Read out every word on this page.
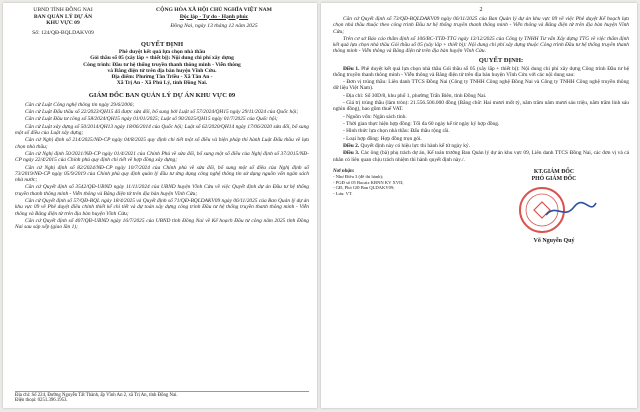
UBND TỈNH ĐỒNG NAI
BAN QUẢN LÝ DỰ ÁN
KHU VỰC 09
Số: 124/QĐ-BQLDAKV09
CỘNG HÒA XÃ HỘI CHỦ NGHĨA VIỆT NAM
Độc lập - Tự do - Hạnh phúc
Đồng Nai, ngày 13 tháng 12 năm 2025
QUYẾT ĐỊNH
Phê duyệt kết quả lựa chọn nhà thầu
Gói thầu số 05 (xây lắp + thiết bị): Nội dung chi phí xây dựng
Công trình: Đầu tư hệ thống truyền thanh thông minh - Viễn thông
và Băng điện tử trên địa bàn huyện Vĩnh Cửu.
Địa điểm: Phường Tân Triều - Xã Tân An -
Xã Trị An - Xã Phú Lý, tỉnh Đồng Nai.
GIÁM ĐỐC BAN QUẢN LÝ DỰ ÁN KHU VỰC 09

Căn cứ Luật Công nghệ thông tin ngày 29/6/2006;

Căn cứ Luật Đấu thầu số 22/2023/QH15 đã được sửa đổi, bổ sung bởi Luật số 57/2024/QH15 ngày 29/11/2024 của Quốc hội;

Căn cứ Luật Đầu tư công số 58/2024/QH15 ngày 01/01/2025; Luật số 90/2025/QH15 ngày 01/7/2025 của Quốc hội;

Căn cứ Luật xây dựng số 50/2014/QH13 ngày 18/06/2014 của Quốc hội; Luật số 62/2020/QH14 ngày 17/06/2020 sửa đổi, bổ sung một số điều của Luật xây dựng;

Căn cứ Nghị định số 214/2025/NĐ-CP ngày 04/8/2025 quy định chi tiết một số điều và biện pháp thi hành Luật Đấu thầu về lựa chọn nhà thầu;

Căn cứ Nghị định 50/2021/NĐ-CP ngày 01/4/2021 của Chính Phủ về sửa đổi, bổ sung một số điều của Nghị định số 37/2015/NĐ-CP ngày 22/4/2015 của Chính phủ quy định chi tiết về hợp đồng xây dựng;

Căn cứ Nghị định số 82/2024/NĐ-CP ngày 10/7/2024 của Chính phủ về sửa đổi, bổ sung một số điều của Nghị định số 73/2019/NĐ-CP ngày 05/9/2019 của Chính phủ quy định quản lý đầu tư ứng dụng công nghệ thông tin sử dụng nguồn vốn ngân sách nhà nước;

Căn cứ Quyết định số 3542/QĐ-UBND ngày 11/11/2024 của UBND huyện Vĩnh Cửu về việc Quyết định dự án Đầu tư hệ thống truyền thanh thông minh - Viễn thông và Băng điện tử trên địa bàn huyện Vĩnh Cửu;

Căn cứ Quyết định số 57/QĐ-BQL ngày 18/4/2025 và Quyết định số 71/QĐ-BQLDAKV09 ngày 06/11/2025 của Ban Quản lý dự án khu vực 09 về Phê duyệt điều chỉnh thiết kế chi tiết và dự toán xây dựng công trình Đầu tư hệ thống truyền thanh thông minh - Viễn thông và Băng điện tử trên địa bàn huyện Vĩnh Cửu;

Căn cứ Quyết định số 407/QĐ-UBND ngày 16/7/2025 của UBND tỉnh Đồng Nai về Kế hoạch Đầu tư công năm 2025 tỉnh Đồng Nai sau sáp xếp (giao lần 1);

Địa chỉ: Số 224, Đường Nguyễn Tất Thành, ấp Vĩnh An 2, xã Trị An, tỉnh Đồng Nai.
Điện thoại: 0251.396.1953.
2

Căn cứ Quyết định số 73/QĐ-BQLDAKV09 ngày 06/11/2025 của Ban Quản lý dự án khu vực 09 về việc Phê duyệt Kế hoạch lựa chọn nhà thầu thuộc theo công trình Đầu tư hệ thống truyền thanh thông minh - Viễn thông và Băng điện tử trên địa bàn huyện Vĩnh Cửu;

Trên cơ sở Báo cáo thẩm định số 106/BC-TTĐ-TTG ngày 13/12/2025 của Công ty TNHH Tư vấn Xây dựng TTG về việc thẩm định kết quả lựa chọn nhà thầu Gói thầu số 05 (xây lắp + thiết bị): Nội dung chi phí xây dựng thuộc Công trình Đầu tư hệ thống truyền thanh thông minh - Viễn thông và Băng điện tử trên địa bàn huyện Vĩnh Cửu.

QUYẾT ĐỊNH:

Điều 1. Phê duyệt kết quả lựa chọn nhà thầu Gói thầu số 05 (xây lắp + thiết bị): Nội dung chi phí xây dựng Công trình Đầu tư hệ thống truyền thanh thông minh - Viễn thông và Băng điện tử trên địa bàn huyện Vĩnh Cửu với các nội dung sau:

- Đơn vị trúng thầu: Liên danh TTCS Đồng Nai (Công ty TNHH Công nghệ Đồng Nai và Công ty TNHH Công nghệ truyền thông dữ liệu Việt Nam).

- Địa chỉ: Số 30D/8, khu phố 1, phường Trấn Biên, tỉnh Đồng Nai.

- Giá trị trúng thầu (làm tròn): 21.556.506.000 đồng (Bằng chữ: Hai mươi mốt tỷ, năm trăm năm mươi sáu triệu, năm trăm linh sáu nghìn đồng), bao gồm thuế VAT.

- Nguồn vốn: Ngân sách tỉnh.

- Thời gian thực hiện hợp đồng: Tối đa 60 ngày kể từ ngày ký hợp đồng.

- Hình thức lựa chọn nhà thầu: Đấu thầu rộng rãi.

- Loại hợp đồng: Hợp đồng trọn gói.

Điều 2. Quyết định này có hiệu lực thi hành kể từ ngày ký.

Điều 3. Các ông (bà) phụ trách dự án, Kế toán trưởng Ban Quản lý dự án khu vực 09, Liên danh TTCS Đồng Nai, các đơn vị và cá nhân có liên quan chịu trách nhiệm thi hành quyết định này./.

Nơi nhận:
- Như Điều 3 (để thi hành);
- PGĐ số 05 Bacaiz KBNN KV XVII;
- GĐ, Phó GĐ Ban QLDAKV09;
- Lưu: VT.
KT.GIÁM ĐỐC
PHÓ GIÁM ĐỐC
Võ Nguyễn Quý
